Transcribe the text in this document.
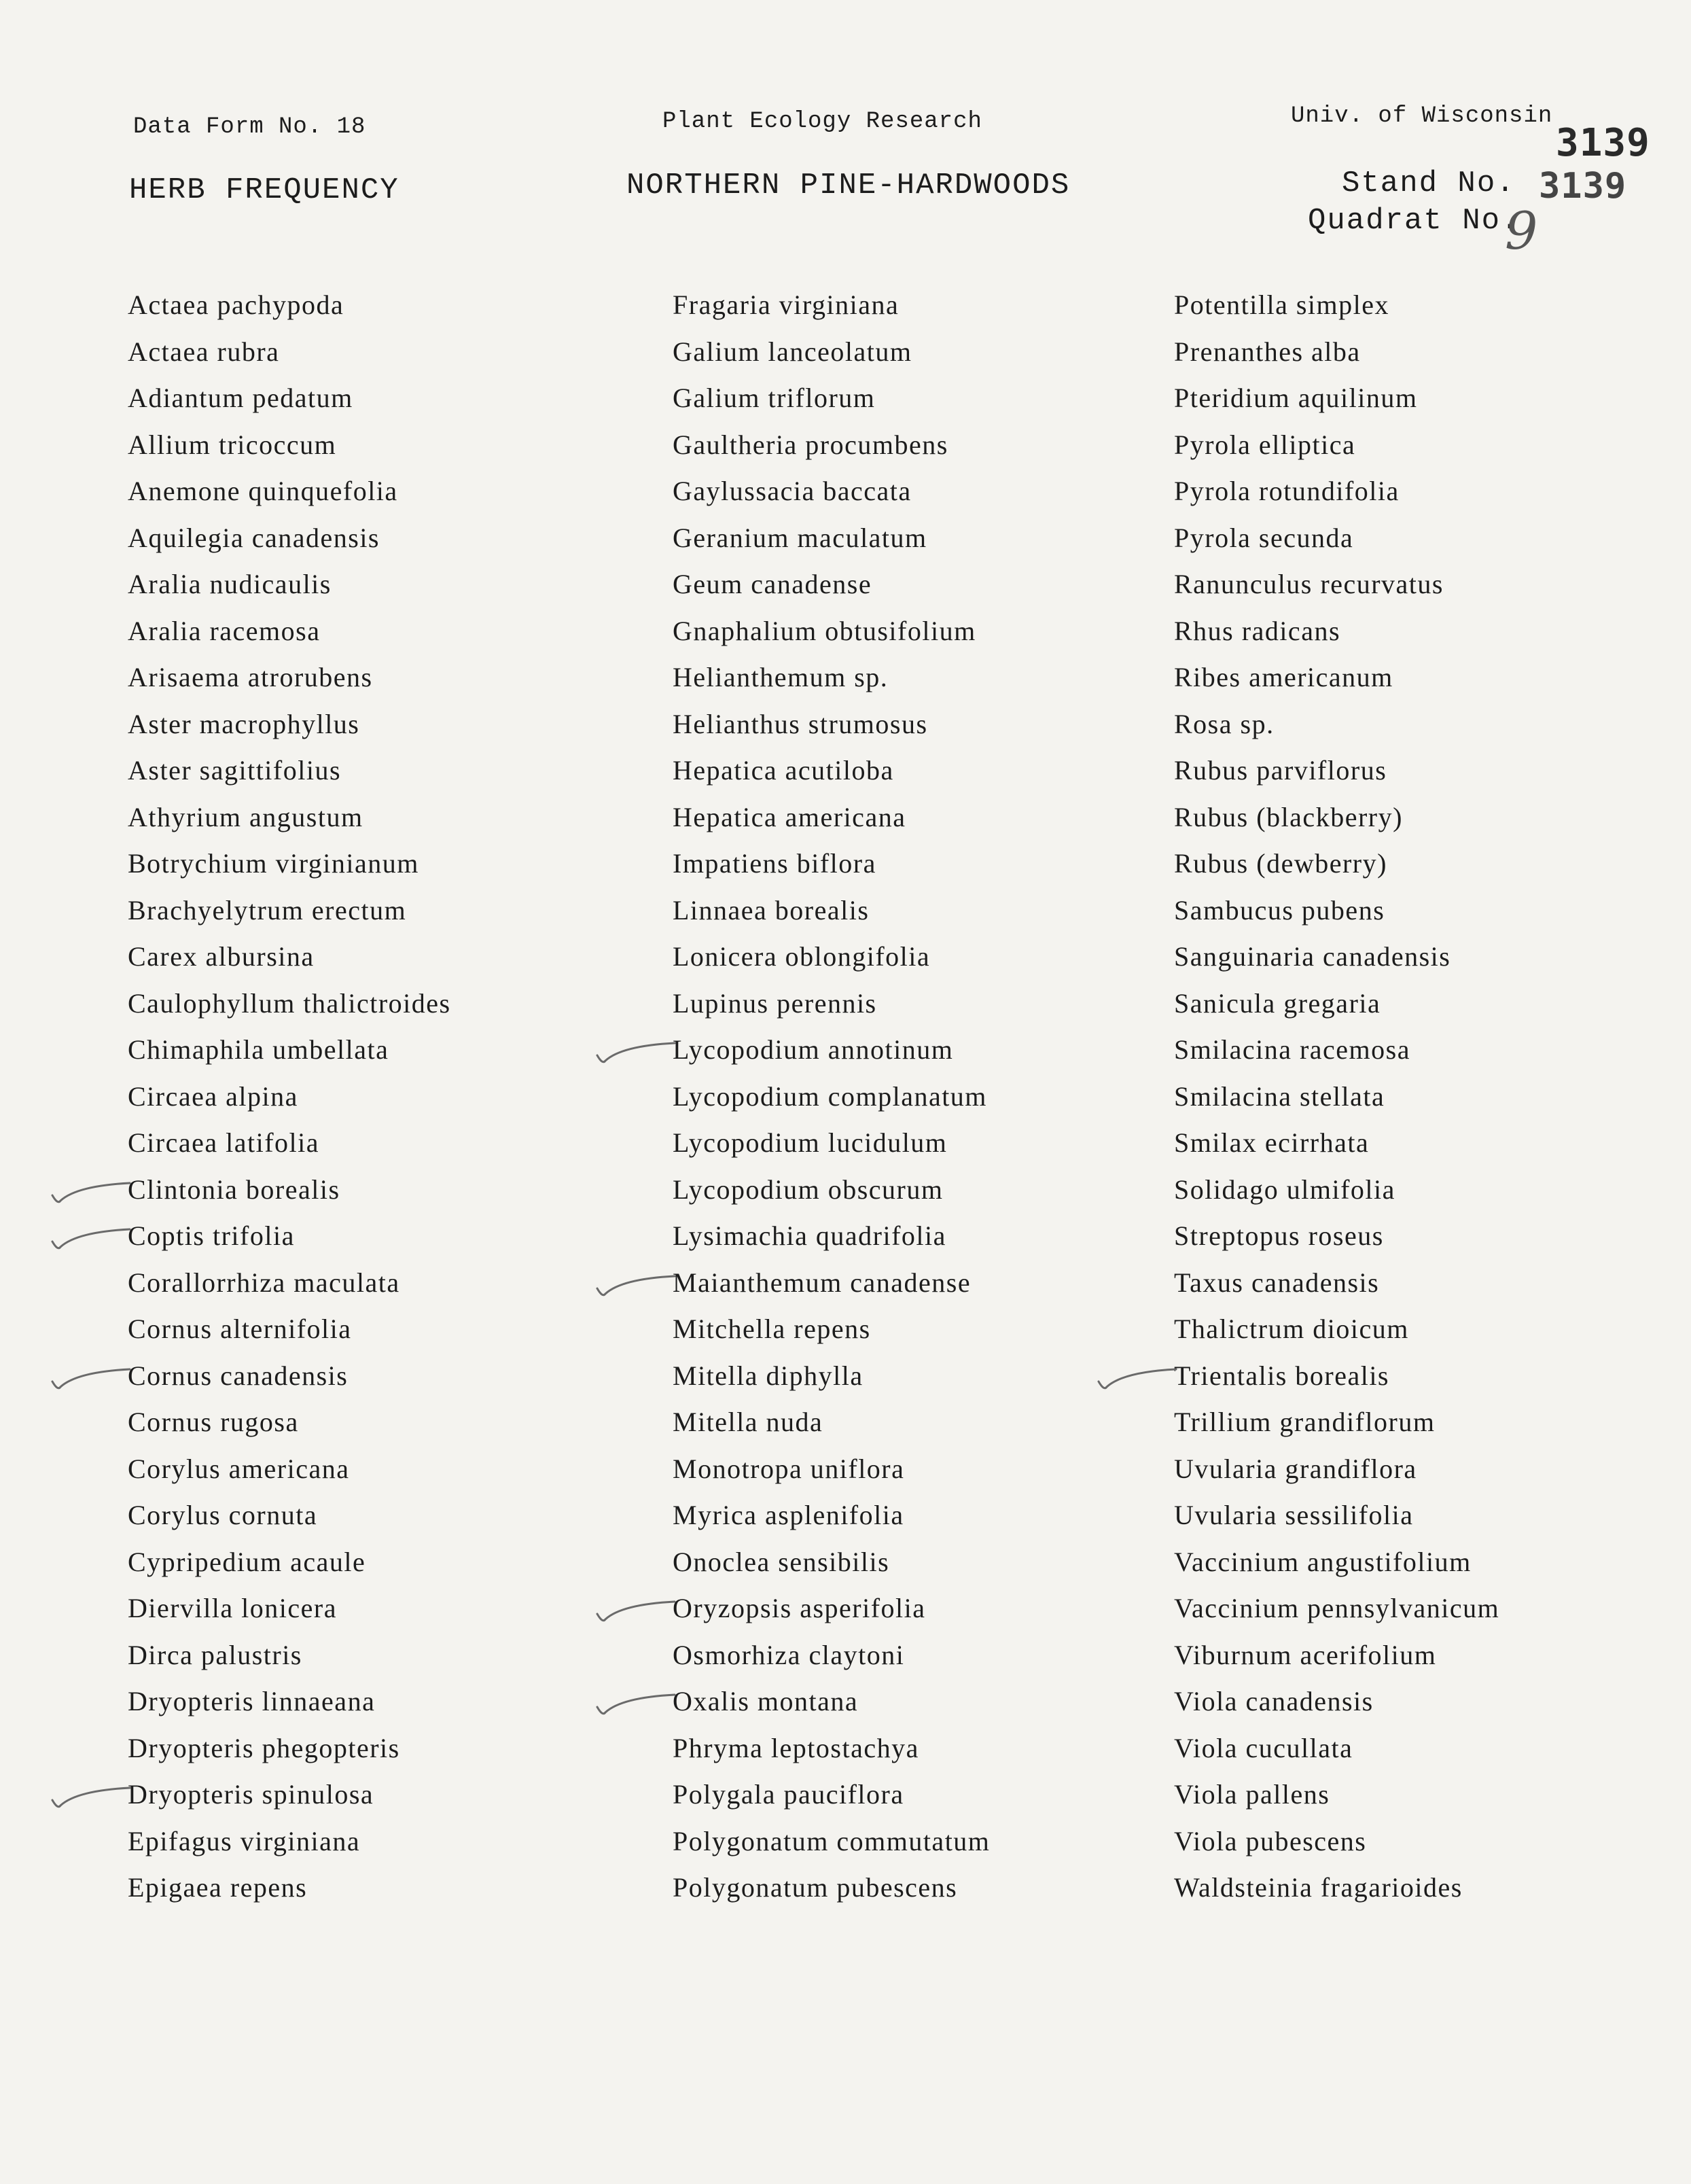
Data Form No. 18	Plant Ecology Research	Univ. of Wisconsin
HERB FREQUENCY	NORTHERN PINE-HARDWOODS	Stand No.
Quadrat No.
3139
3139
9
Actaea pachypoda
Actaea rubra
Adiantum pedatum
Allium tricoccum
Anemone quinquefolia
Aquilegia canadensis
Aralia nudicaulis
Aralia racemosa
Arisaema atrorubens
Aster macrophyllus
Aster sagittifolius
Athyrium angustum
Botrychium virginianum
Brachyelytrum erectum
Carex albursina
Caulophyllum thalictroides
Chimaphila umbellata
Circaea alpina
Circaea latifolia
Clintonia borealis
Coptis trifolia
Corallorrhiza maculata
Cornus alternifolia
Cornus canadensis
Cornus rugosa
Corylus americana
Corylus cornuta
Cypripedium acaule
Diervilla lonicera
Dirca palustris
Dryopteris linnaeana
Dryopteris phegopteris
Dryopteris spinulosa
Epifagus virginiana
Epigaea repens
Fragaria virginiana
Galium lanceolatum
Galium triflorum
Gaultheria procumbens
Gaylussacia baccata
Geranium maculatum
Geum canadense
Gnaphalium obtusifolium
Helianthemum sp.
Helianthus strumosus
Hepatica acutiloba
Hepatica americana
Impatiens biflora
Linnaea borealis
Lonicera oblongifolia
Lupinus perennis
Lycopodium annotinum
Lycopodium complanatum
Lycopodium lucidulum
Lycopodium obscurum
Lysimachia quadrifolia
Maianthemum canadense
Mitchella repens
Mitella diphylla
Mitella nuda
Monotropa uniflora
Myrica asplenifolia
Onoclea sensibilis
Oryzopsis asperifolia
Osmorhiza claytoni
Oxalis montana
Phryma leptostachya
Polygala pauciflora
Polygonatum commutatum
Polygonatum pubescens
Potentilla simplex
Prenanthes alba
Pteridium aquilinum
Pyrola elliptica
Pyrola rotundifolia
Pyrola secunda
Ranunculus recurvatus
Rhus radicans
Ribes americanum
Rosa sp.
Rubus parviflorus
Rubus (blackberry)
Rubus (dewberry)
Sambucus pubens
Sanguinaria canadensis
Sanicula gregaria
Smilacina racemosa
Smilacina stellata
Smilax ecirrhata
Solidago ulmifolia
Streptopus roseus
Taxus canadensis
Thalictrum dioicum
Trientalis borealis
Trillium grandiflorum
Uvularia grandiflora
Uvularia sessilifolia
Vaccinium angustifolium
Vaccinium pennsylvanicum
Viburnum acerifolium
Viola canadensis
Viola cucullata
Viola pallens
Viola pubescens
Waldsteinia fragarioides
